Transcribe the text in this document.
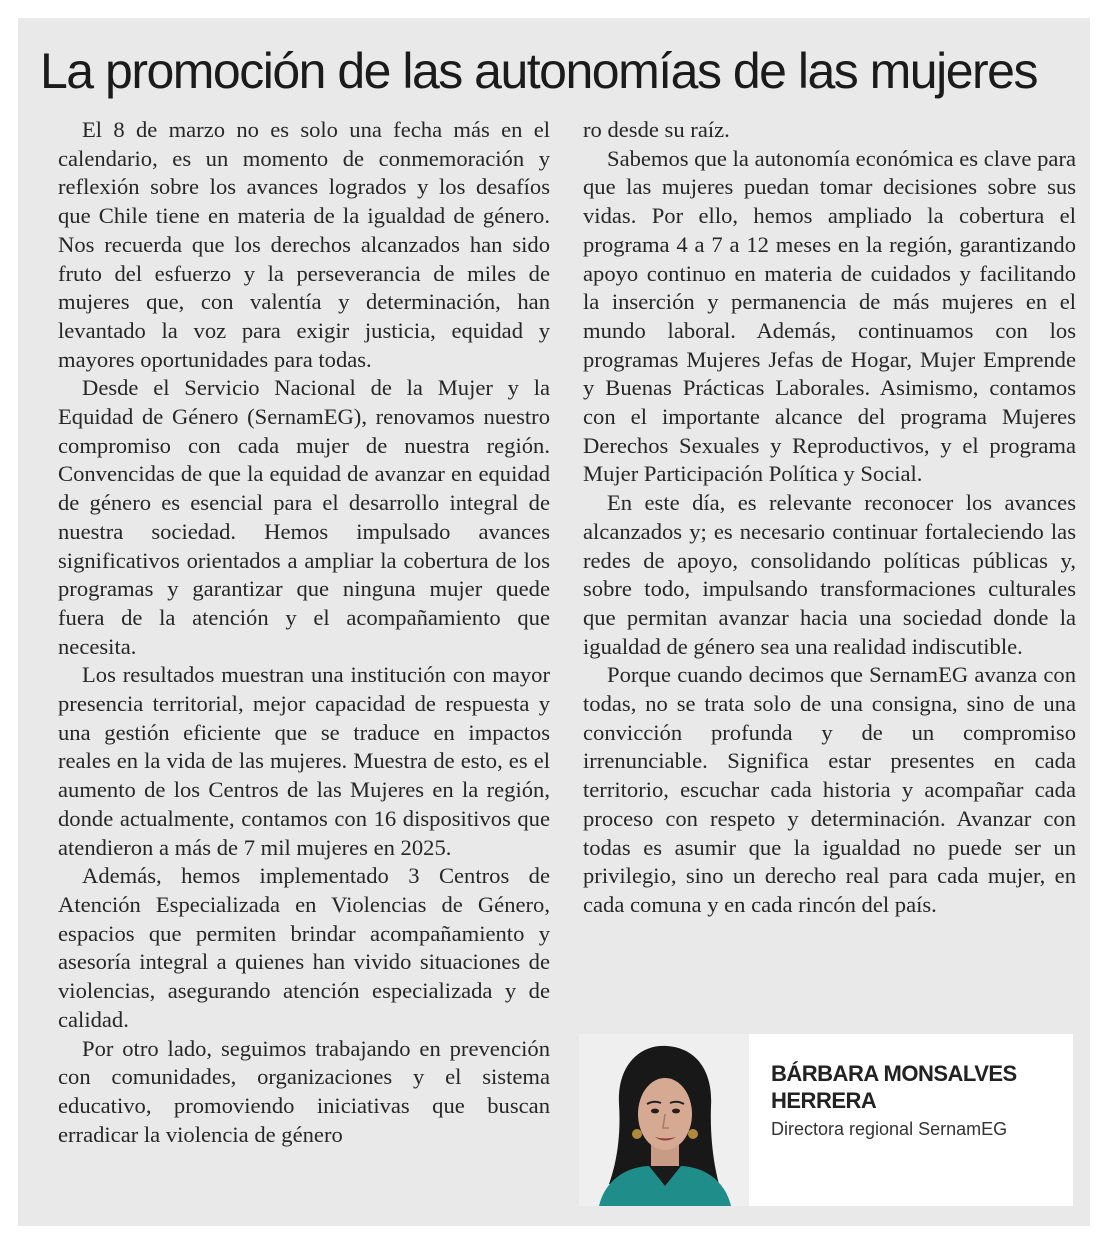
La promoción de las autonomías de las mujeres

El 8 de marzo no es solo una fecha más en el calendario, es un momento de conmemoración y reflexión sobre los avances logrados y los desafíos que Chile tiene en materia de la igualdad de género. Nos recuerda que los derechos alcanzados han sido fruto del esfuerzo y la perseverancia de miles de mujeres que, con valentía y determinación, han levantado la voz para exigir justicia, equidad y mayores oportunidades para todas.

Desde el Servicio Nacional de la Mujer y la Equidad de Género (SernamEG), renovamos nuestro compromiso con cada mujer de nuestra región. Convencidas de que la equidad de avanzar en equidad de género es esencial para el desarrollo integral de nuestra sociedad. Hemos impulsado avances significativos orientados a ampliar la cobertura de los programas y garantizar que ninguna mujer quede fuera de la atención y el acompañamiento que necesita.

Los resultados muestran una institución con mayor presencia territorial, mejor capacidad de respuesta y una gestión eficiente que se traduce en impactos reales en la vida de las mujeres. Muestra de esto, es el aumento de los Centros de las Mujeres en la región, donde actualmente, contamos con 16 dispositivos que atendieron a más de 7 mil mujeres en 2025.

Además, hemos implementado 3 Centros de Atención Especializada en Violencias de Género, espacios que permiten brindar acompañamiento y asesoría integral a quienes han vivido situaciones de violencias, asegurando atención especializada y de calidad.

Por otro lado, seguimos trabajando en prevención con comunidades, organizaciones y el sistema educativo, promoviendo iniciativas que buscan erradicar la violencia de género

ro desde su raíz.

Sabemos que la autonomía económica es clave para que las mujeres puedan tomar decisiones sobre sus vidas. Por ello, hemos ampliado la cobertura el programa 4 a 7 a 12 meses en la región, garantizando apoyo continuo en materia de cuidados y facilitando la inserción y permanencia de más mujeres en el mundo laboral. Además, continuamos con los programas Mujeres Jefas de Hogar, Mujer Emprende y Buenas Prácticas Laborales. Asimismo, contamos con el importante alcance del programa Mujeres Derechos Sexuales y Reproductivos, y el programa Mujer Participación Política y Social.

En este día, es relevante reconocer los avances alcanzados y; es necesario continuar fortaleciendo las redes de apoyo, consolidando políticas públicas y, sobre todo, impulsando transformaciones culturales que permitan avanzar hacia una sociedad donde la igualdad de género sea una realidad indiscutible.

Porque cuando decimos que SernamEG avanza con todas, no se trata solo de una consigna, sino de una convicción profunda y de un compromiso irrenunciable. Significa estar presentes en cada territorio, escuchar cada historia y acompañar cada proceso con respeto y determinación. Avanzar con todas es asumir que la igualdad no puede ser un privilegio, sino un derecho real para cada mujer, en cada comuna y en cada rincón del país.

BÁRBARA MONSALVES HERRERA
Directora regional SernamEG
